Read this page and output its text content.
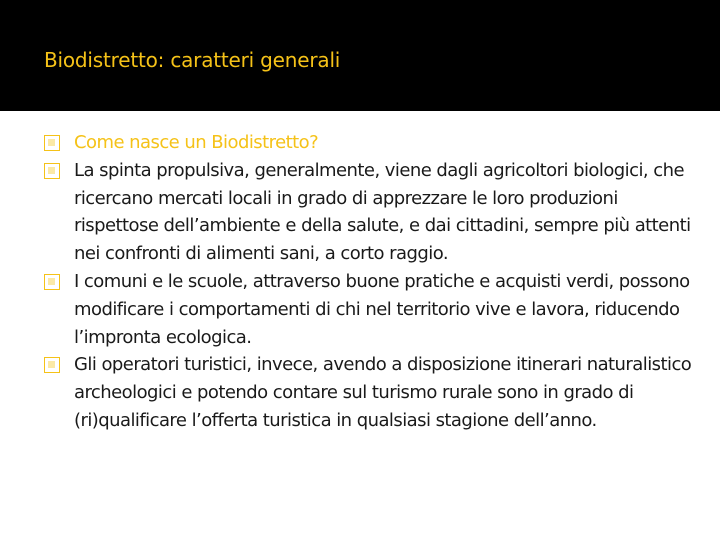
Biodistretto: caratteri generali
Come nasce un Biodistretto?
La spinta propulsiva, generalmente, viene dagli agricoltori biologici, che ricercano mercati locali in grado di apprezzare le loro produzioni rispettose dell’ambiente e della salute, e dai cittadini, sempre più attenti nei confronti di alimenti sani, a corto raggio.
I comuni e le scuole, attraverso buone pratiche e acquisti verdi, possono modificare i comportamenti di chi nel territorio vive e lavora, riducendo l’impronta ecologica.
Gli operatori turistici, invece, avendo a disposizione itinerari naturalistico archeologici e potendo contare sul turismo rurale sono in grado di (ri)qualificare l’offerta turistica in qualsiasi stagione dell’anno.
